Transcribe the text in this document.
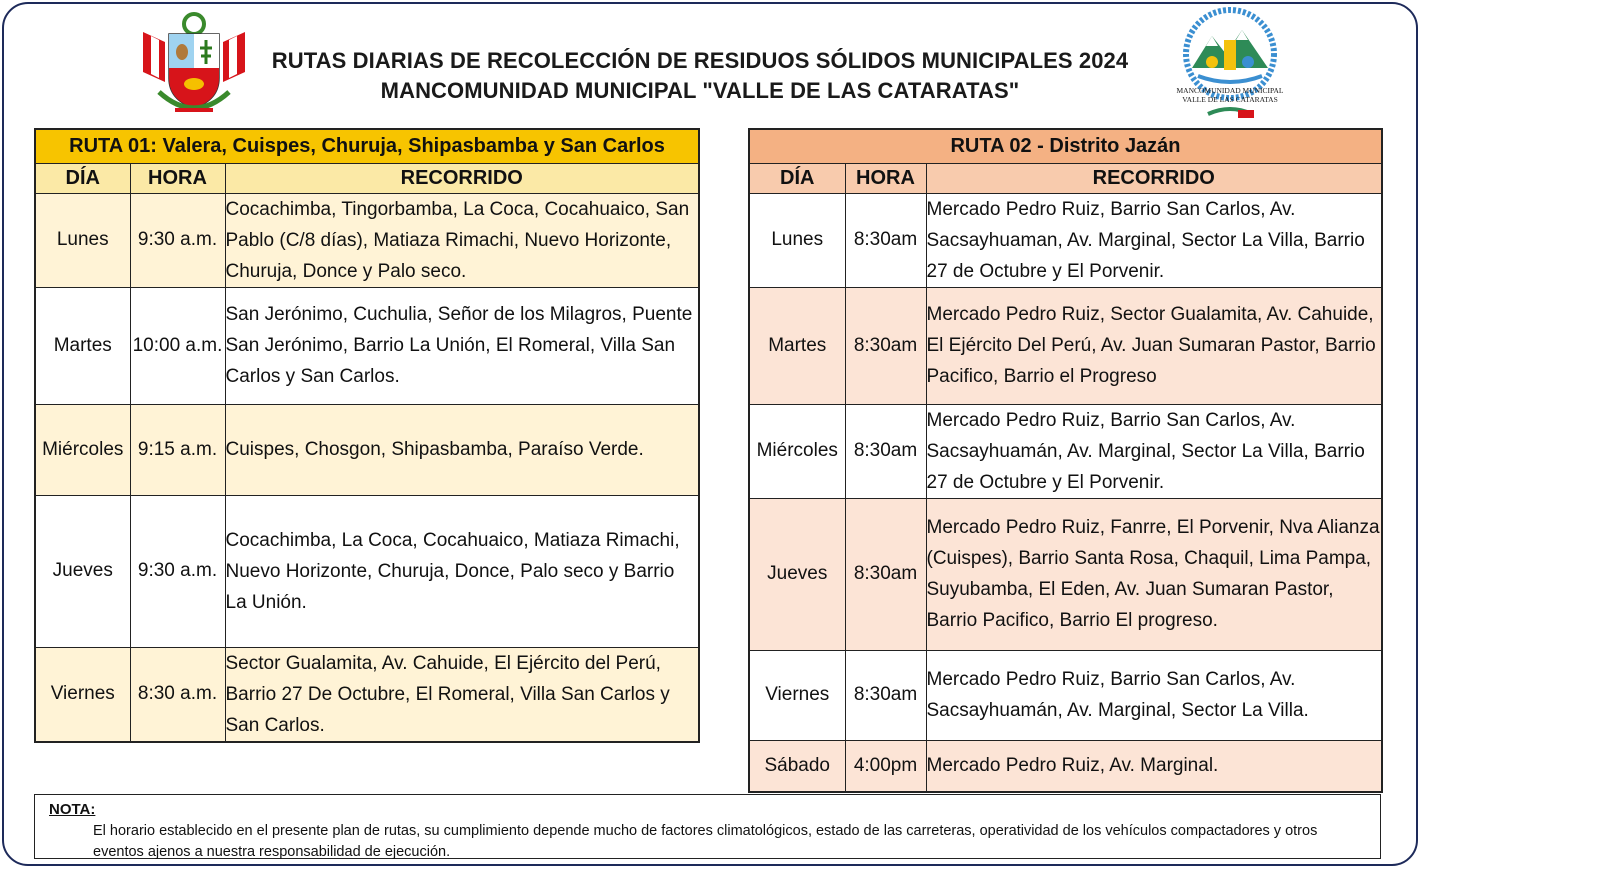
MANCOMUNIDAD MUNICIPAL
VALLE DE LAS CATARATAS
RUTAS DIARIAS DE RECOLECCIÓN DE RESIDUOS SÓLIDOS MUNICIPALES 2024
MANCOMUNIDAD MUNICIPAL "VALLE DE LAS CATARATAS"
RUTA 01: Valera, Cuispes, Churuja, Shipasbamba y San Carlos		
DÍA	HORA	RECORRIDO
Lunes	9:30 a.m.	Cocachimba, Tingorbamba, La Coca, Cocahuaico, San Pablo (C/8 días), Matiaza Rimachi, Nuevo Horizonte, Churuja, Donce y Palo seco.
Martes	10:00 a.m.	San Jerónimo, Cuchulia, Señor de los Milagros, Puente San Jerónimo, Barrio La Unión, El Romeral, Villa San Carlos y San Carlos.
Miércoles	9:15 a.m.	Cuispes, Chosgon, Shipasbamba, Paraíso Verde.
Jueves	9:30 a.m.	Cocachimba, La Coca, Cocahuaico, Matiaza Rimachi, Nuevo Horizonte, Churuja, Donce, Palo seco y Barrio La Unión.
Viernes	8:30 a.m.	Sector Gualamita, Av. Cahuide, El Ejército del Perú, Barrio 27 De Octubre, El Romeral, Villa San Carlos y San Carlos.
RUTA 02 - Distrito Jazán		
DÍA	HORA	RECORRIDO
Lunes	8:30am	Mercado Pedro Ruiz, Barrio San Carlos, Av. Sacsayhuaman, Av. Marginal, Sector La Villa, Barrio 27 de Octubre y El Porvenir.
Martes	8:30am	Mercado Pedro Ruiz, Sector Gualamita, Av. Cahuide, El Ejército Del Perú, Av. Juan Sumaran Pastor, Barrio Pacifico, Barrio el Progreso
Miércoles	8:30am	Mercado Pedro Ruiz, Barrio San Carlos, Av. Sacsayhuamán, Av. Marginal, Sector La Villa, Barrio 27 de Octubre y El Porvenir.
Jueves	8:30am	Mercado Pedro Ruiz, Fanrre, El Porvenir, Nva Alianza (Cuispes), Barrio Santa Rosa, Chaquil, Lima Pampa, Suyubamba, El Eden, Av. Juan Sumaran Pastor, Barrio Pacifico, Barrio El progreso.
Viernes	8:30am	Mercado Pedro Ruiz, Barrio San Carlos, Av. Sacsayhuamán, Av. Marginal, Sector La Villa.
Sábado	4:00pm	Mercado Pedro Ruiz, Av. Marginal.
NOTA:
El horario establecido en el presente plan de rutas, su cumplimiento depende mucho de factores climatológicos, estado de las carreteras, operatividad de los vehículos compactadores y otros eventos ajenos a nuestra responsabilidad de ejecución.
